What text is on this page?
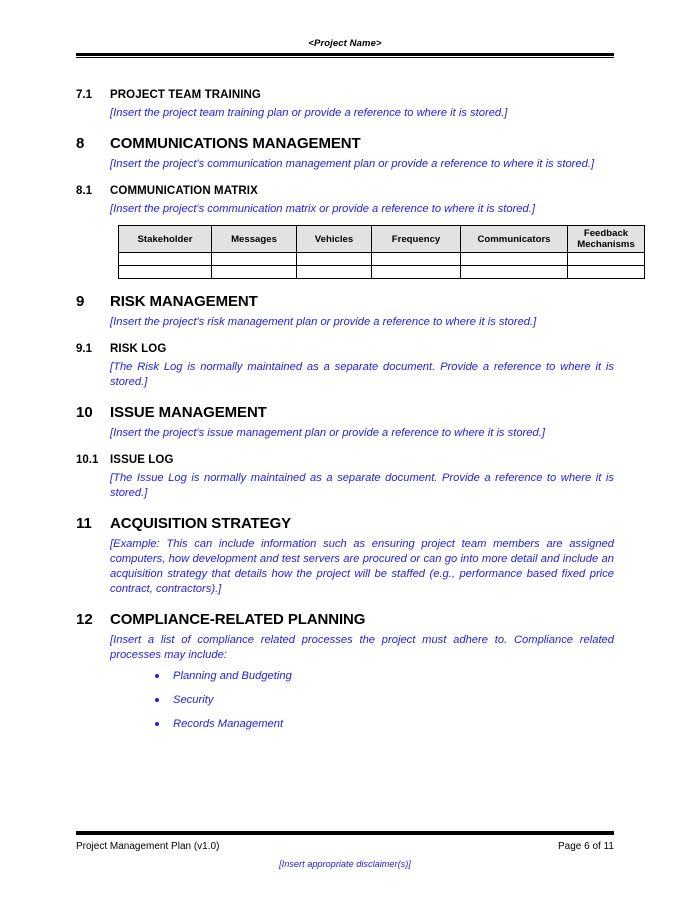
<Project Name>
7.1	PROJECT TEAM TRAINING

[Insert the project team training plan or provide a reference to where it is stored.]

8	COMMUNICATIONS MANAGEMENT

[Insert the project's communication management plan or provide a reference to where it is stored.]

8.1	COMMUNICATION MATRIX

[Insert the project's communication matrix or provide a reference to where it is stored.]

Stakeholder	Messages	Vehicles	Frequency	Communicators	Feedback Mechanisms

9	RISK MANAGEMENT

[Insert the project's risk management plan or provide a reference to where it is stored.]

9.1	RISK LOG

[The Risk Log is normally maintained as a separate document. Provide a reference to where it is stored.]

10	ISSUE MANAGEMENT

[Insert the project's issue management plan or provide a reference to where it is stored.]

10.1	ISSUE LOG

[The Issue Log is normally maintained as a separate document. Provide a reference to where it is stored.]

11	ACQUISITION STRATEGY

[Example: This can include information such as ensuring project team members are assigned computers, how development and test servers are procured or can go into more detail and include an acquisition strategy that details how the project will be staffed (e.g., performance based fixed price contract, contractors).]

12	COMPLIANCE-RELATED PLANNING

[Insert a list of compliance related processes the project must adhere to. Compliance related processes may include:

Planning and Budgeting
Security
Records Management
Project Management Plan (v1.0)	Page 6 of 11
[Insert appropriate disclaimer(s)]
